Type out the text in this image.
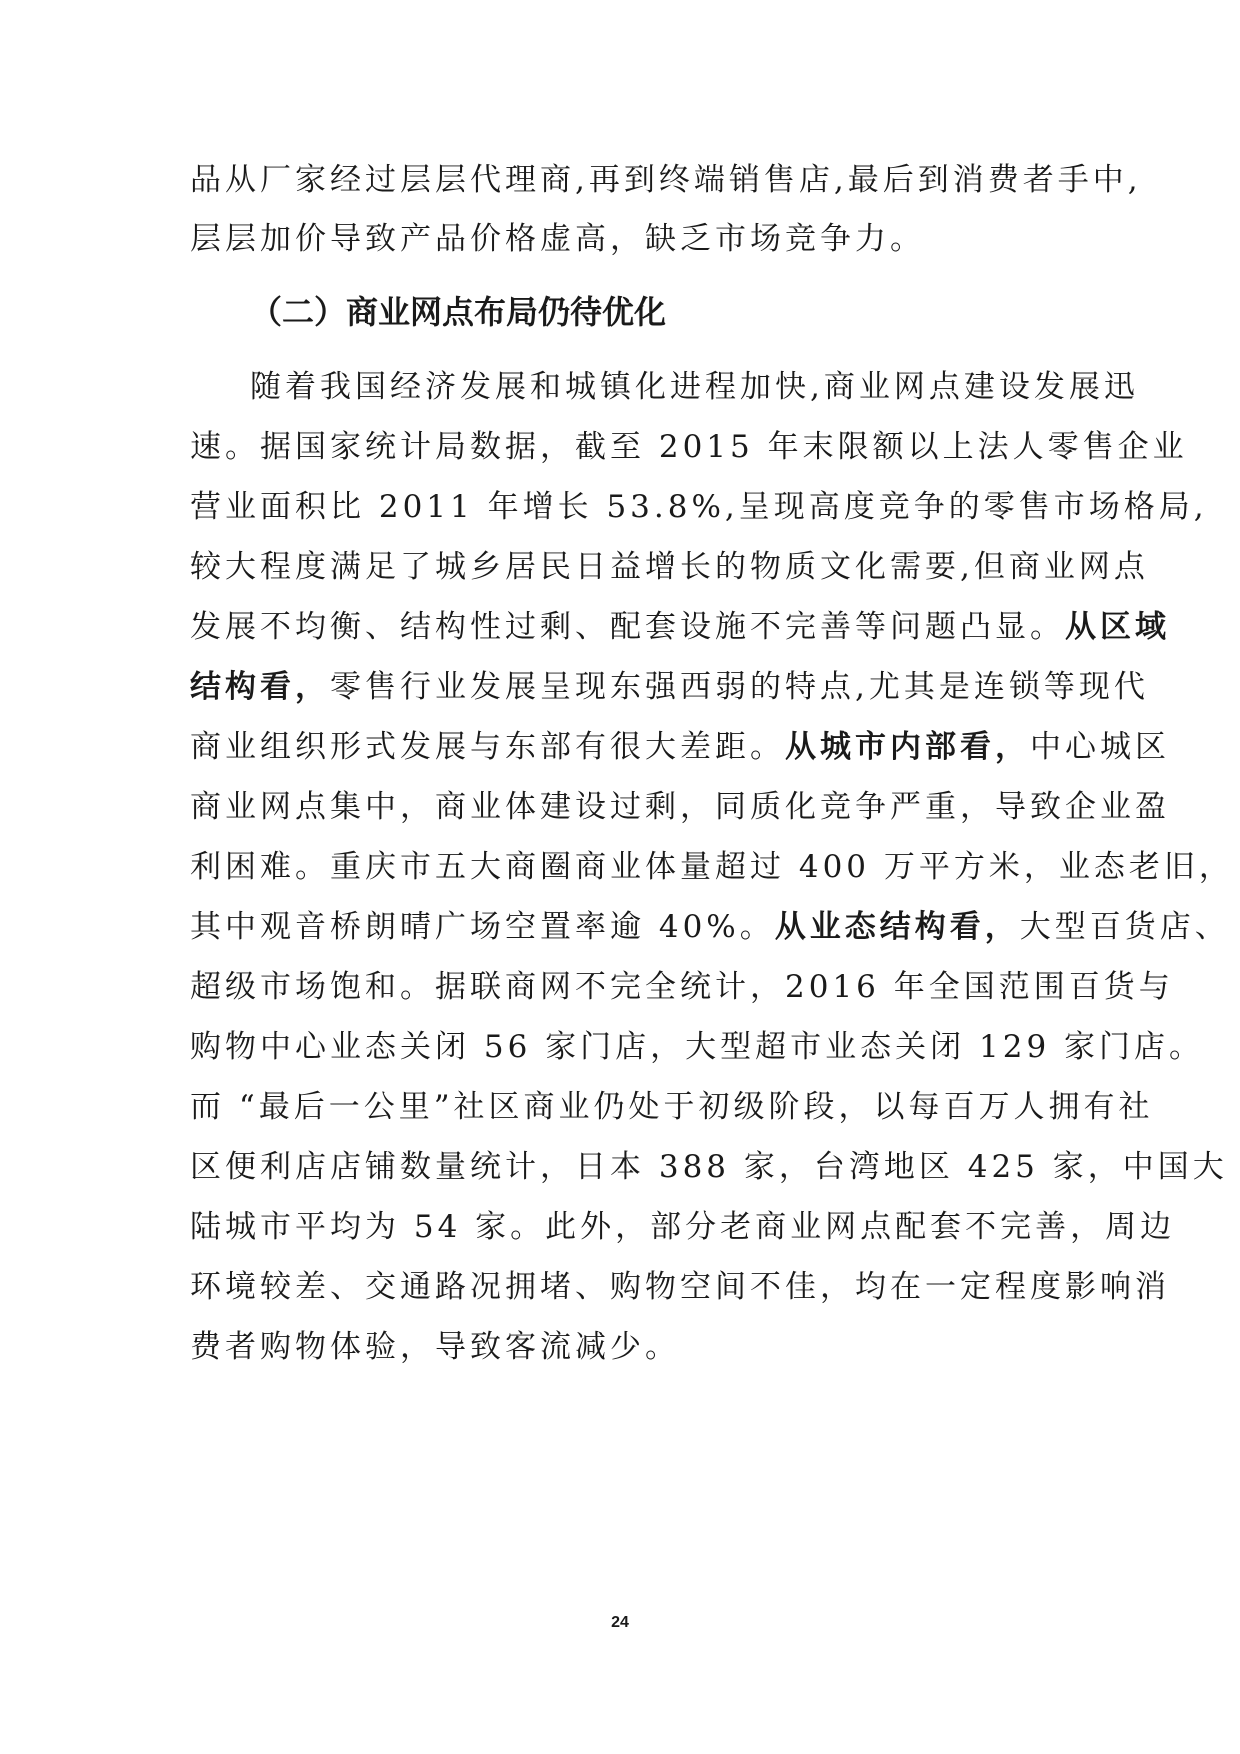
品从厂家经过层层代理商,再到终端销售店,最后到消费者手中,
层层加价导致产品价格虚高，缺乏市场竞争力。
（二）商业网点布局仍待优化
随着我国经济发展和城镇化进程加快,商业网点建设发展迅
速。据国家统计局数据，截至 2015 年末限额以上法人零售企业
营业面积比 2011 年增长 53.8%,呈现高度竞争的零售市场格局,
较大程度满足了城乡居民日益增长的物质文化需要,但商业网点
发展不均衡、结构性过剩、配套设施不完善等问题凸显。从区域
结构看，零售行业发展呈现东强西弱的特点,尤其是连锁等现代
商业组织形式发展与东部有很大差距。从城市内部看，中心城区
商业网点集中，商业体建设过剩，同质化竞争严重，导致企业盈
利困难。重庆市五大商圈商业体量超过 400 万平方米，业态老旧，
其中观音桥朗晴广场空置率逾 40%。从业态结构看，大型百货店、
超级市场饱和。据联商网不完全统计，2016 年全国范围百货与
购物中心业态关闭 56 家门店，大型超市业态关闭 129 家门店。
而 “最后一公里”社区商业仍处于初级阶段，以每百万人拥有社
区便利店店铺数量统计，日本 388 家，台湾地区 425 家，中国大
陆城市平均为 54 家。此外，部分老商业网点配套不完善，周边
环境较差、交通路况拥堵、购物空间不佳，均在一定程度影响消
费者购物体验，导致客流减少。
24
